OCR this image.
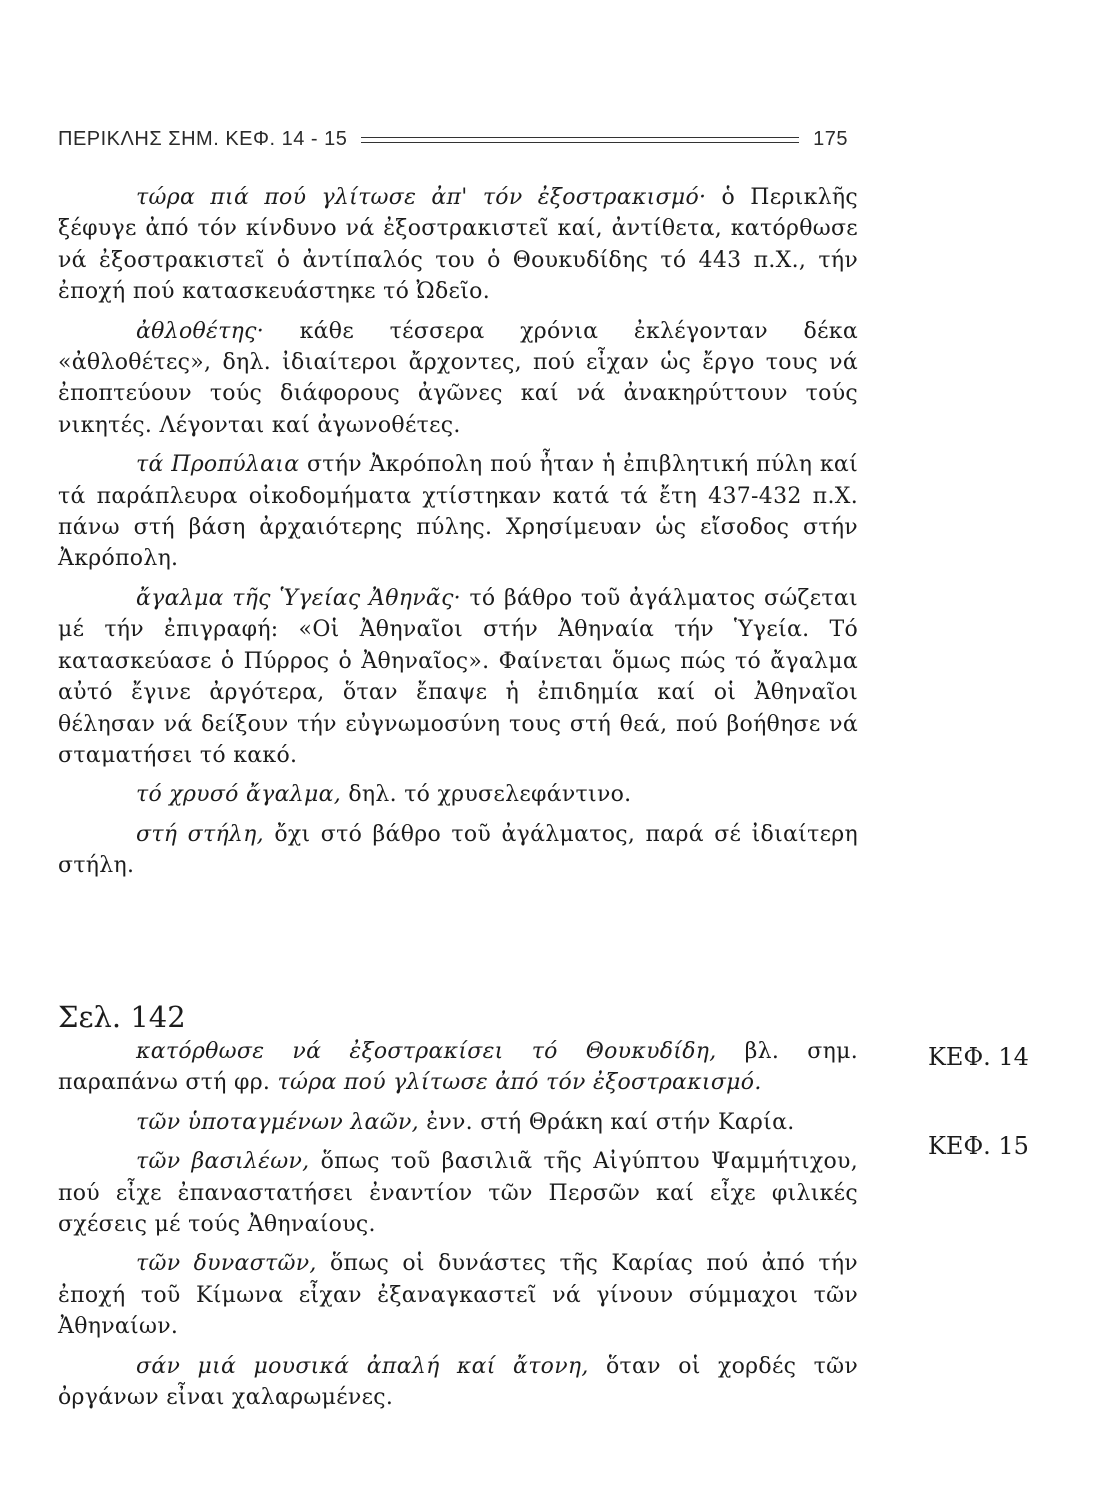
ΠΕΡΙΚΛΗΣ ΣΗΜ. ΚΕΦ. 14 - 15	175

τώρα πιά πού γλίτωσε ἀπ' τόν ἐξοστρακισμό· ὁ Περικλῆς ξέφυγε ἀπό τόν κίνδυνο νά ἐξοστρακιστεῖ καί, ἀντίθετα, κατόρθωσε νά ἐξοστρακιστεῖ ὁ ἀντίπαλός του ὁ Θουκυδίδης τό 443 π.Χ., τήν ἐποχή πού κατασκευάστηκε τό Ὠδεῖο.

ἀθλοθέτης· κάθε τέσσερα χρόνια ἐκλέγονταν δέκα «ἀθλοθέτες», δηλ. ἰδιαίτεροι ἄρχοντες, πού εἶχαν ὡς ἔργο τους νά ἐποπτεύουν τούς διάφορους ἀγῶνες καί νά ἀνακηρύττουν τούς νικητές. Λέγονται καί ἀγωνοθέτες.

τά Προπύλαια στήν Ἀκρόπολη πού ἦταν ἡ ἐπιβλητική πύλη καί τά παράπλευρα οἰκοδομήματα χτίστηκαν κατά τά ἔτη 437-432 π.Χ. πάνω στή βάση ἀρχαιότερης πύλης. Χρησίμευαν ὡς εἴσοδος στήν Ἀκρόπολη.

ἄγαλμα τῆς Ὑγείας Ἀθηνᾶς· τό βάθρο τοῦ ἀγάλματος σώζεται μέ τήν ἐπιγραφή: «Οἱ Ἀθηναῖοι στήν Ἀθηναία τήν Ὑγεία. Τό κατασκεύασε ὁ Πύρρος ὁ Ἀθηναῖος». Φαίνεται ὅμως πώς τό ἄγαλμα αὐτό ἔγινε ἀργότερα, ὅταν ἔπαψε ἡ ἐπιδημία καί οἱ Ἀθηναῖοι θέλησαν νά δείξουν τήν εὐγνωμοσύνη τους στή θεά, πού βοήθησε νά σταματήσει τό κακό.

τό χρυσό ἄγαλμα, δηλ. τό χρυσελεφάντινο.

στή στήλη, ὄχι στό βάθρο τοῦ ἀγάλματος, παρά σέ ἰδιαίτερη στήλη.

Σελ. 142
ΚΕΦ. 14
ΚΕΦ. 15

κατόρθωσε νά ἐξοστρακίσει τό Θουκυδίδη, βλ. σημ. παραπάνω στή φρ. τώρα πού γλίτωσε ἀπό τόν ἐξοστρακισμό.

τῶν ὑποταγμένων λαῶν, ἐνν. στή Θράκη καί στήν Καρία.

τῶν βασιλέων, ὅπως τοῦ βασιλιᾶ τῆς Αἰγύπτου Ψαμμήτιχου, πού εἶχε ἐπαναστατήσει ἐναντίον τῶν Περσῶν καί εἶχε φιλικές σχέσεις μέ τούς Ἀθηναίους.

τῶν δυναστῶν, ὅπως οἱ δυνάστες τῆς Καρίας πού ἀπό τήν ἐποχή τοῦ Κίμωνα εἶχαν ἐξαναγκαστεῖ νά γίνουν σύμμαχοι τῶν Ἀθηναίων.

σάν μιά μουσικά ἀπαλή καί ἄτονη, ὅταν οἱ χορδές τῶν ὀργάνων εἶναι χαλαρωμένες.
